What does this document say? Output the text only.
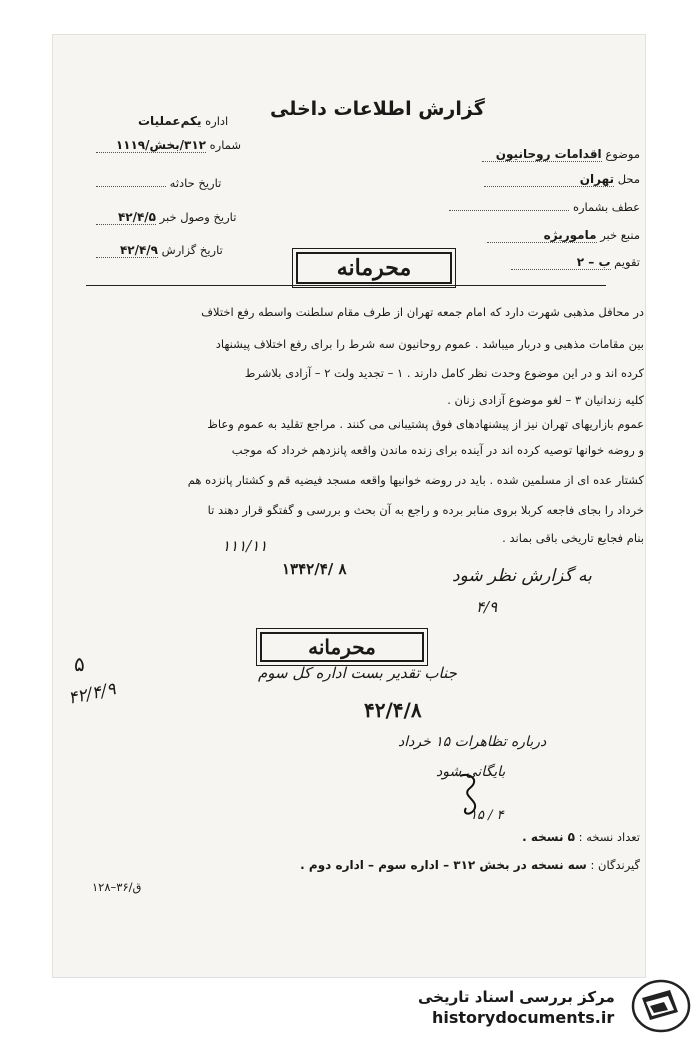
گزارش اطلاعات داخلی
اداره یکم‌عملیات
شماره ۳۱۲/بخش/۱۱۱۹
تاریخ حادثه
تاریخ وصول خبر ۴۲/۴/۵
تاریخ گزارش ۴۲/۴/۹
موضوع اقدامات روحانیون
محل تهران
عطف بشماره
منبع خبر ماموریژه
تقویم ب – ۲
محرمانه
در محافل مذهبی شهرت دارد که امام جمعه تهران از طرف مقام سلطنت واسطه رفع اختلاف
بین مقامات مذهبی و دربار میباشد . عموم روحانیون سه شرط را برای رفع اختلاف پیشنهاد
کرده اند و در این موضوع وحدت نظر کامل دارند . ۱ – تجدید ولت ۲ – آزادی بلاشرط
کلیه زندانیان ۳ – لغو موضوع آزادی زنان .
عموم بازاریهای تهران نیز از پیشنهادهای فوق پشتیبانی می کنند . مراجع تقلید به عموم وعاظ
و روضه خوانها توصیه کرده اند در آینده برای زنده ماندن واقعه پانزدهم خرداد که موجب
کشتار عده ای از مسلمین شده . باید در روضه خوانیها واقعه مسجد فیضیه قم و کشتار پانزده هم
خرداد را بجای فاجعه کربلا بروی منابر برده و راجع به آن بحث و بررسی و گفتگو قرار دهند تا
بنام فجایع تاریخی باقی بماند .
۱۱۱/۱۱
۱۳۴۲/۴/ ۸	به گزارش نظر شود
۴/۹
محرمانه
جناب تقدیر بست اداره کل سوم
۴۲/۴/۸
درباره تظاهرات ۱۵ خرداد
بایگانی شود
۱۵ / ۴
۵
۴۲/۴/۹
تعداد نسخه : ۵ نسخه .
گیرندگان : سه نسخه در بخش ۳۱۲ – اداره سوم – اداره دوم .
۱۲۸–۳۶/ق
مرکز بررسی اسناد تاریخی
historydocuments.ir
